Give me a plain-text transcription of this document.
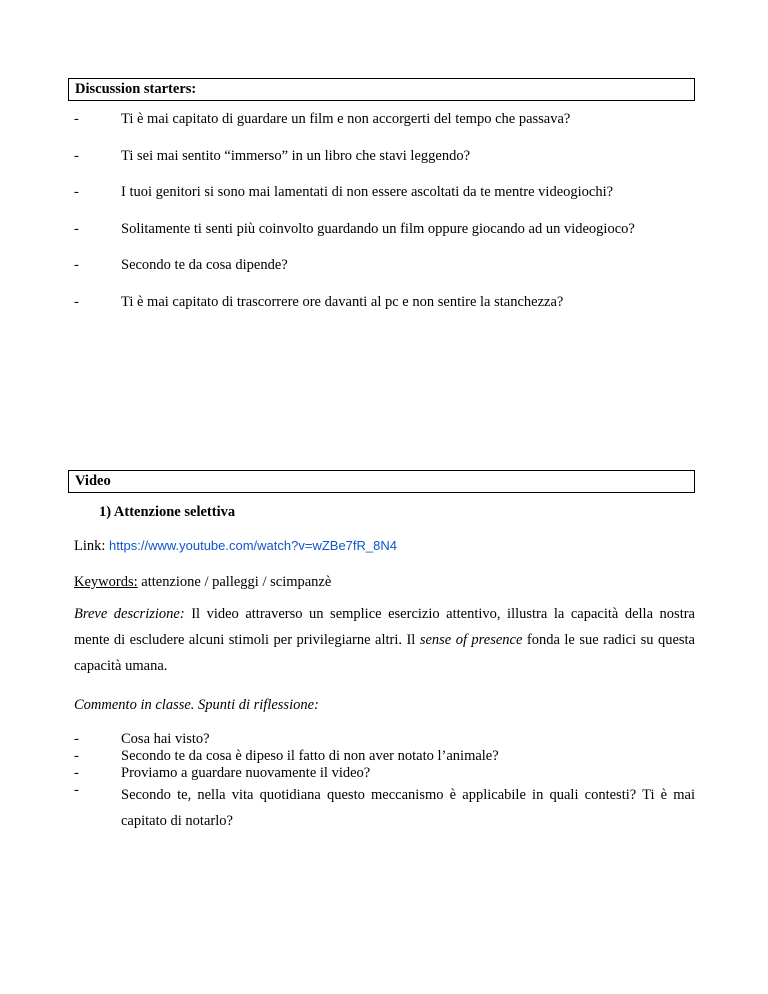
Discussion starters:
-	Ti è mai capitato di guardare un film e non accorgerti del tempo che passava?
-	Ti sei mai sentito “immerso” in un libro che stavi leggendo?
-	I tuoi genitori si sono mai lamentati di non essere ascoltati da te mentre videogiochi?
-	Solitamente ti senti più coinvolto guardando un film oppure giocando ad un videogioco?
-	Secondo te da cosa dipende?
-	Ti è mai capitato di trascorrere ore davanti al pc e non sentire la stanchezza?
Video
1) Attenzione selettiva
Link: https://www.youtube.com/watch?v=wZBe7fR_8N4
Keywords: attenzione / palleggi / scimpanzè
Breve descrizione: Il video attraverso un semplice esercizio attentivo, illustra la capacità della nostra mente di escludere alcuni stimoli per privilegiarne altri. Il sense of presence fonda le sue radici su questa capacità umana.
Commento in classe. Spunti di riflessione:
-	Cosa hai visto?
-	Secondo te da cosa è dipeso il fatto di non aver notato l’animale?
-	Proviamo a guardare nuovamente il video?
-	Secondo te, nella vita quotidiana questo meccanismo è applicabile in quali contesti? Ti è mai capitato di notarlo?
